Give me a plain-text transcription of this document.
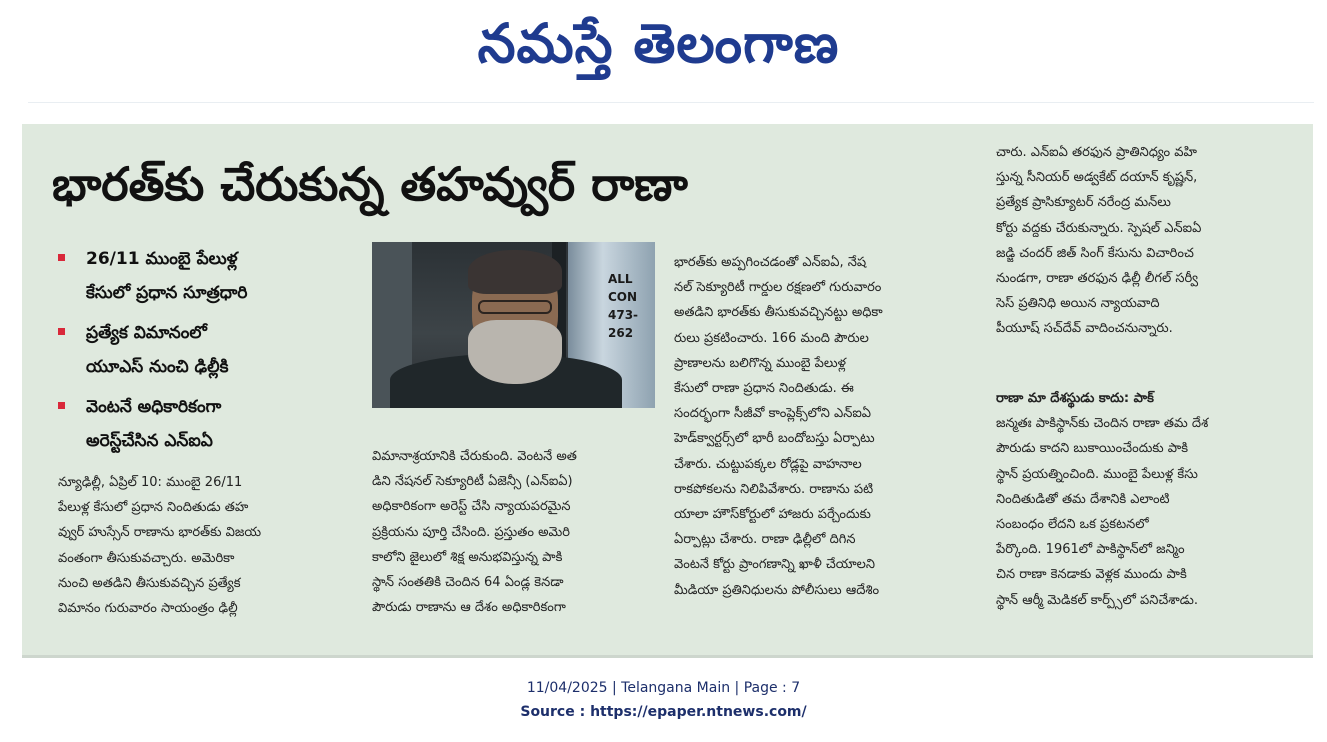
నమస్తే తెలంగాణ
భారత్‌కు చేరుకున్న తహవ్వుర్ రాణా
26/11 ముంబై పేలుళ్ల
కేసులో ప్రధాన సూత్రధారి
ప్రత్యేక విమానంలో
యూఎస్ నుంచి ఢిల్లీకి
వెంటనే అధికారికంగా
అరెస్ట్‌చేసిన ఎన్ఐఏ
న్యూఢిల్లీ, ఏప్రిల్ 10: ముంబై 26/11
పేలుళ్ల కేసులో ప్రధాన నిందితుడు తహ
వ్వుర్ హుస్సేన్ రాణాను భారత్‌కు విజయ
వంతంగా తీసుకువచ్చారు. అమెరికా
నుంచి అతడిని తీసుకువచ్చిన ప్రత్యేక
విమానం గురువారం సాయంత్రం ఢిల్లీ
ALL CON
473-262
విమానాశ్రయానికి చేరుకుంది. వెంటనే అత
డిని నేషనల్ సెక్యూరిటీ ఏజెన్సీ (ఎన్ఐఏ)
అధికారికంగా అరెస్ట్ చేసి న్యాయపరమైన
ప్రక్రియను పూర్తి చేసింది. ప్రస్తుతం అమెరి
కాలోని జైలులో శిక్ష అనుభవిస్తున్న పాకి
స్థాన్ సంతతికి చెందిన 64 ఏండ్ల కెనడా
పౌరుడు రాణాను ఆ దేశం అధికారికంగా
భారత్‌కు అప్పగించడంతో ఎన్ఐఏ, నేష
నల్ సెక్యూరిటీ గార్డుల రక్షణలో గురువారం
అతడిని భారత్‌కు తీసుకువచ్చినట్టు అధికా
రులు ప్రకటించారు. 166 మంది పౌరుల
ప్రాణాలను బలిగొన్న ముంబై పేలుళ్ల
కేసులో రాణా ప్రధాన నిందితుడు. ఈ
సందర్భంగా సీజీవో కాంప్లెక్స్‌లోని ఎన్ఐఏ
హెడ్‌క్వార్టర్స్‌లో భారీ బందోబస్తు ఏర్పాటు
చేశారు. చుట్టుపక్కల రోడ్లపై వాహనాల
రాకపోకలను నిలిపివేశారు. రాణాను పటి
యాలా హౌస్‌కోర్టులో హాజరు పర్చేందుకు
ఏర్పాట్లు చేశారు. రాణా ఢిల్లీలో దిగిన
వెంటనే కోర్టు ప్రాంగణాన్ని ఖాళీ చేయాలని
మీడియా ప్రతినిధులను పోలీసులు ఆదేశిం
చారు. ఎన్ఐఏ తరఫున ప్రాతినిధ్యం వహి
స్తున్న సీనియర్ అడ్వకేట్ దయాన్ కృష్ణన్,
ప్రత్యేక ప్రాసిక్యూటర్ నరేంద్ర మన్‌లు
కోర్టు వద్దకు చేరుకున్నారు. స్పెషల్ ఎన్ఐఏ
జడ్జి చందర్ జిత్ సింగ్ కేసును విచారించ
నుండగా, రాణా తరఫున ఢిల్లీ లీగల్ సర్వీ
సెస్ ప్రతినిధి అయిన న్యాయవాది
పీయూష్ సచ్‌దేవ్ వాదించనున్నారు.
రాణా మా దేశస్థుడు కాదు: పాక్
జన్మతః పాకిస్థాన్‌కు చెందిన రాణా తమ దేశ
పౌరుడు కాదని బుకాయించేందుకు పాకి
స్థాన్ ప్రయత్నించింది. ముంబై పేలుళ్ల కేసు
నిందితుడితో తమ దేశానికి ఎలాంటి
సంబంధం లేదని ఒక ప్రకటనలో
పేర్కొంది. 1961లో పాకిస్థాన్‌లో జన్మిం
చిన రాణా కెనడాకు వెళ్లక ముందు పాకి
స్థాన్ ఆర్మీ మెడికల్ కార్ప్స్‌లో పనిచేశాడు.
11/04/2025 | Telangana Main | Page : 7
Source : https://epaper.ntnews.com/
